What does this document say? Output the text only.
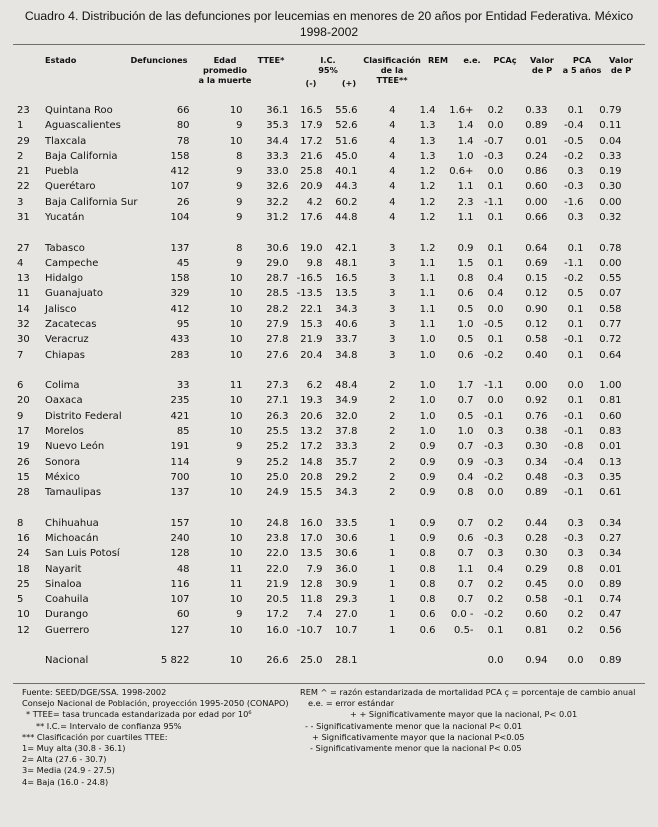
Cuadro 4. Distribución de las defunciones por leucemias en menores de 20 años por Entidad Federativa. México
1998-2002
Estado	Defunciones	Edad
promedio
a la muerte
TTEE*	I.C.
95%
(-)	(+)
Clasificación
de la
TTEE**
REM	e.e.	PCAç	Valor
de P
PCA
a 5 años
Valor
de P
23	Quintana Roo	66	10	36.1	16.5	55.6	4	1.4	1.6+	0.2	0.33	0.1	0.79
1	Aguascalientes	80	9	35.3	17.9	52.6	4	1.3	1.4	0.0	0.89	-0.4	0.11
29	Tlaxcala	78	10	34.4	17.2	51.6	4	1.3	1.4	-0.7	0.01	-0.5	0.04
2	Baja California	158	8	33.3	21.6	45.0	4	1.3	1.0	-0.3	0.24	-0.2	0.33
21	Puebla	412	9	33.0	25.8	40.1	4	1.2	0.6+	0.0	0.86	0.3	0.19
22	Querétaro	107	9	32.6	20.9	44.3	4	1.2	1.1	0.1	0.60	-0.3	0.30
3	Baja California Sur	26	9	32.2	4.2	60.2	4	1.2	2.3	-1.1	0.00	-1.6	0.00
31	Yucatán	104	9	31.2	17.6	44.8	4	1.2	1.1	0.1	0.66	0.3	0.32

27	Tabasco	137	8	30.6	19.0	42.1	3	1.2	0.9	0.1	0.64	0.1	0.78
4	Campeche	45	9	29.0	9.8	48.1	3	1.1	1.5	0.1	0.69	-1.1	0.00
13	Hidalgo	158	10	28.7	-16.5	16.5	3	1.1	0.8	0.4	0.15	-0.2	0.55
11	Guanajuato	329	10	28.5	-13.5	13.5	3	1.1	0.6	0.4	0.12	0.5	0.07
14	Jalisco	412	10	28.2	22.1	34.3	3	1.1	0.5	0.0	0.90	0.1	0.58
32	Zacatecas	95	10	27.9	15.3	40.6	3	1.1	1.0	-0.5	0.12	0.1	0.77
30	Veracruz	433	10	27.8	21.9	33.7	3	1.0	0.5	0.1	0.58	-0.1	0.72
7	Chiapas	283	10	27.6	20.4	34.8	3	1.0	0.6	-0.2	0.40	0.1	0.64

6	Colima	33	11	27.3	6.2	48.4	2	1.0	1.7	-1.1	0.00	0.0	1.00
20	Oaxaca	235	10	27.1	19.3	34.9	2	1.0	0.7	0.0	0.92	0.1	0.81
9	Distrito Federal	421	10	26.3	20.6	32.0	2	1.0	0.5	-0.1	0.76	-0.1	0.60
17	Morelos	85	10	25.5	13.2	37.8	2	1.0	1.0	0.3	0.38	-0.1	0.83
19	Nuevo León	191	9	25.2	17.2	33.3	2	0.9	0.7	-0.3	0.30	-0.8	0.01
26	Sonora	114	9	25.2	14.8	35.7	2	0.9	0.9	-0.3	0.34	-0.4	0.13
15	México	700	10	25.0	20.8	29.2	2	0.9	0.4	-0.2	0.48	-0.3	0.35
28	Tamaulipas	137	10	24.9	15.5	34.3	2	0.9	0.8	0.0	0.89	-0.1	0.61

8	Chihuahua	157	10	24.8	16.0	33.5	1	0.9	0.7	0.2	0.44	0.3	0.34
16	Michoacán	240	10	23.8	17.0	30.6	1	0.9	0.6	-0.3	0.28	-0.3	0.27
24	San Luis Potosí	128	10	22.0	13.5	30.6	1	0.8	0.7	0.3	0.30	0.3	0.34
18	Nayarit	48	11	22.0	7.9	36.0	1	0.8	1.1	0.4	0.29	0.8	0.01
25	Sinaloa	116	11	21.9	12.8	30.9	1	0.8	0.7	0.2	0.45	0.0	0.89
5	Coahuila	107	10	20.5	11.8	29.3	1	0.8	0.7	0.2	0.58	-0.1	0.74
10	Durango	60	9	17.2	7.4	27.0	1	0.6	0.0 -	-0.2	0.60	0.2	0.47
12	Guerrero	127	10	16.0	-10.7	10.7	1	0.6	0.5-	0.1	0.81	0.2	0.56

	Nacional	5 822	10	26.6	25.0	28.1				0.0	0.94	0.0	0.89
Fuente: SEED/DGE/SSA. 1998-2002
Consejo Nacional de Población, proyección 1995-2050 (CONAPO)
* TTEE= tasa truncada estandarizada por edad por 10⁶
** I.C.= Intervalo de confianza 95%
*** Clasificación por cuartiles TTEE:
1= Muy alta (30.8 - 36.1)
2= Alta (27.6 - 30.7)
3= Media (24.9 - 27.5)
4= Baja (16.0 - 24.8)
REM ^ = razón estandarizada de mortalidad PCA ç = porcentaje de cambio anual
e.e. = error estándar
+ + Significativamente mayor que la nacional, P< 0.01
- - Significativamente menor que la nacional P< 0.01
+ Significativamente mayor que la nacional P<0.05
- Significativamente menor que la nacional P< 0.05
